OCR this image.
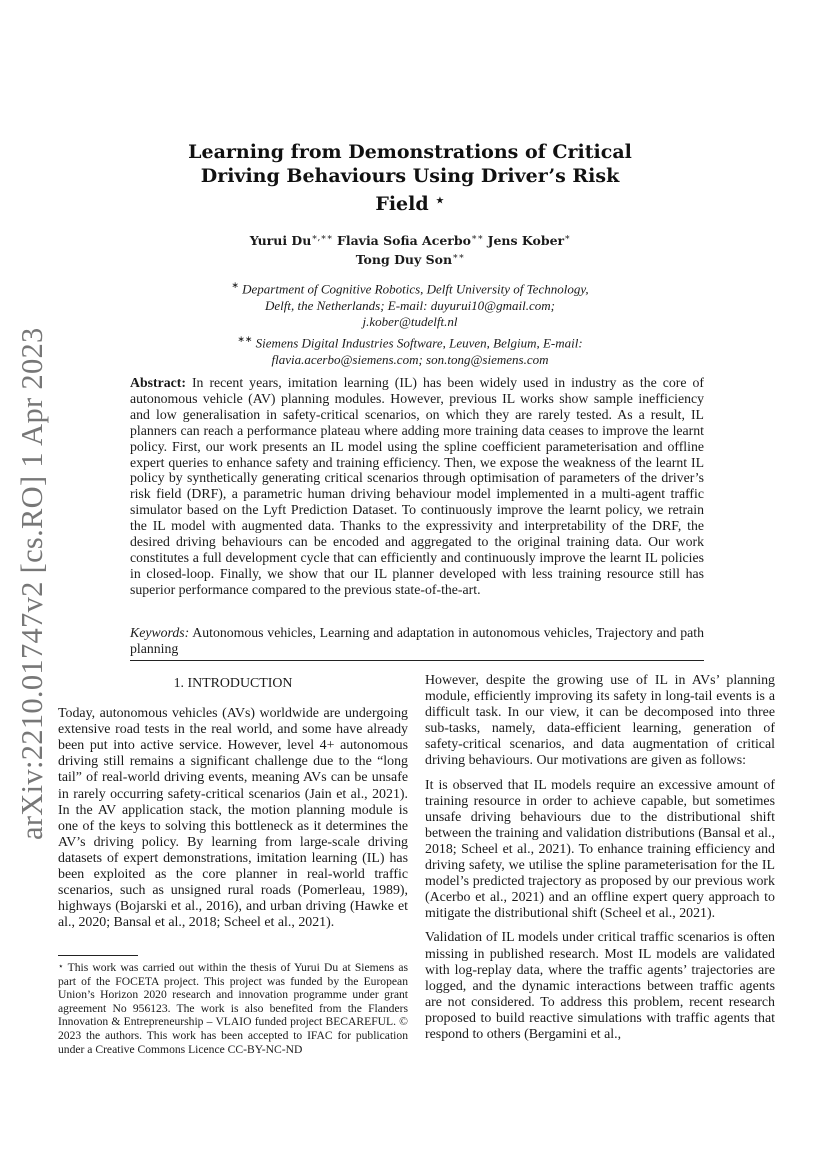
arXiv:2210.01747v2 [cs.RO] 1 Apr 2023
Learning from Demonstrations of Critical
Driving Behaviours Using Driver’s Risk
Field ⋆
Yurui Du∗,∗∗ Flavia Sofia Acerbo∗∗ Jens Kober∗
Tong Duy Son∗∗
∗ Department of Cognitive Robotics, Delft University of Technology,
Delft, the Netherlands; E-mail: duyurui10@gmail.com;
j.kober@tudelft.nl
∗∗ Siemens Digital Industries Software, Leuven, Belgium, E-mail:
flavia.acerbo@siemens.com; son.tong@siemens.com
Abstract: In recent years, imitation learning (IL) has been widely used in industry as the core of autonomous vehicle (AV) planning modules. However, previous IL works show sample inefficiency and low generalisation in safety-critical scenarios, on which they are rarely tested. As a result, IL planners can reach a performance plateau where adding more training data ceases to improve the learnt policy. First, our work presents an IL model using the spline coefficient parameterisation and offline expert queries to enhance safety and training efficiency. Then, we expose the weakness of the learnt IL policy by synthetically generating critical scenarios through optimisation of parameters of the driver’s risk field (DRF), a parametric human driving behaviour model implemented in a multi-agent traffic simulator based on the Lyft Prediction Dataset. To continuously improve the learnt policy, we retrain the IL model with augmented data. Thanks to the expressivity and interpretability of the DRF, the desired driving behaviours can be encoded and aggregated to the original training data. Our work constitutes a full development cycle that can efficiently and continuously improve the learnt IL policies in closed-loop. Finally, we show that our IL planner developed with less training resource still has superior performance compared to the previous state-of-the-art.
Keywords: Autonomous vehicles, Learning and adaptation in autonomous vehicles, Trajectory and path planning
1. INTRODUCTION

Today, autonomous vehicles (AVs) worldwide are undergoing extensive road tests in the real world, and some have already been put into active service. However, level 4+ autonomous driving still remains a significant challenge due to the “long tail” of real-world driving events, meaning AVs can be unsafe in rarely occurring safety-critical scenarios (Jain et al., 2021). In the AV application stack, the motion planning module is one of the keys to solving this bottleneck as it determines the AV’s driving policy. By learning from large-scale driving datasets of expert demonstrations, imitation learning (IL) has been exploited as the core planner in real-world traffic scenarios, such as unsigned rural roads (Pomerleau, 1989), highways (Bojarski et al., 2016), and urban driving (Hawke et al., 2020; Bansal et al., 2018; Scheel et al., 2021).

However, despite the growing use of IL in AVs’ planning module, efficiently improving its safety in long-tail events is a difficult task. In our view, it can be decomposed into three sub-tasks, namely, data-efficient learning, generation of safety-critical scenarios, and data augmentation of critical driving behaviours. Our motivations are given as follows:

It is observed that IL models require an excessive amount of training resource in order to achieve capable, but sometimes unsafe driving behaviours due to the distributional shift between the training and validation distributions (Bansal et al., 2018; Scheel et al., 2021). To enhance training efficiency and driving safety, we utilise the spline parameterisation for the IL model’s predicted trajectory as proposed by our previous work (Acerbo et al., 2021) and an offline expert query approach to mitigate the distributional shift (Scheel et al., 2021).

Validation of IL models under critical traffic scenarios is often missing in published research. Most IL models are validated with log-replay data, where the traffic agents’ trajectories are logged, and the dynamic interactions between traffic agents are not considered. To address this problem, recent research proposed to build reactive simulations with traffic agents that respond to others (Bergamini et al.,

⋆ This work was carried out within the thesis of Yurui Du at Siemens as part of the FOCETA project. This project was funded by the European Union’s Horizon 2020 research and innovation programme under grant agreement No 956123. The work is also benefited from the Flanders Innovation & Entrepreneurship – VLAIO funded project BECAREFUL. © 2023 the authors. This work has been accepted to IFAC for publication under a Creative Commons Licence CC-BY-NC-ND
